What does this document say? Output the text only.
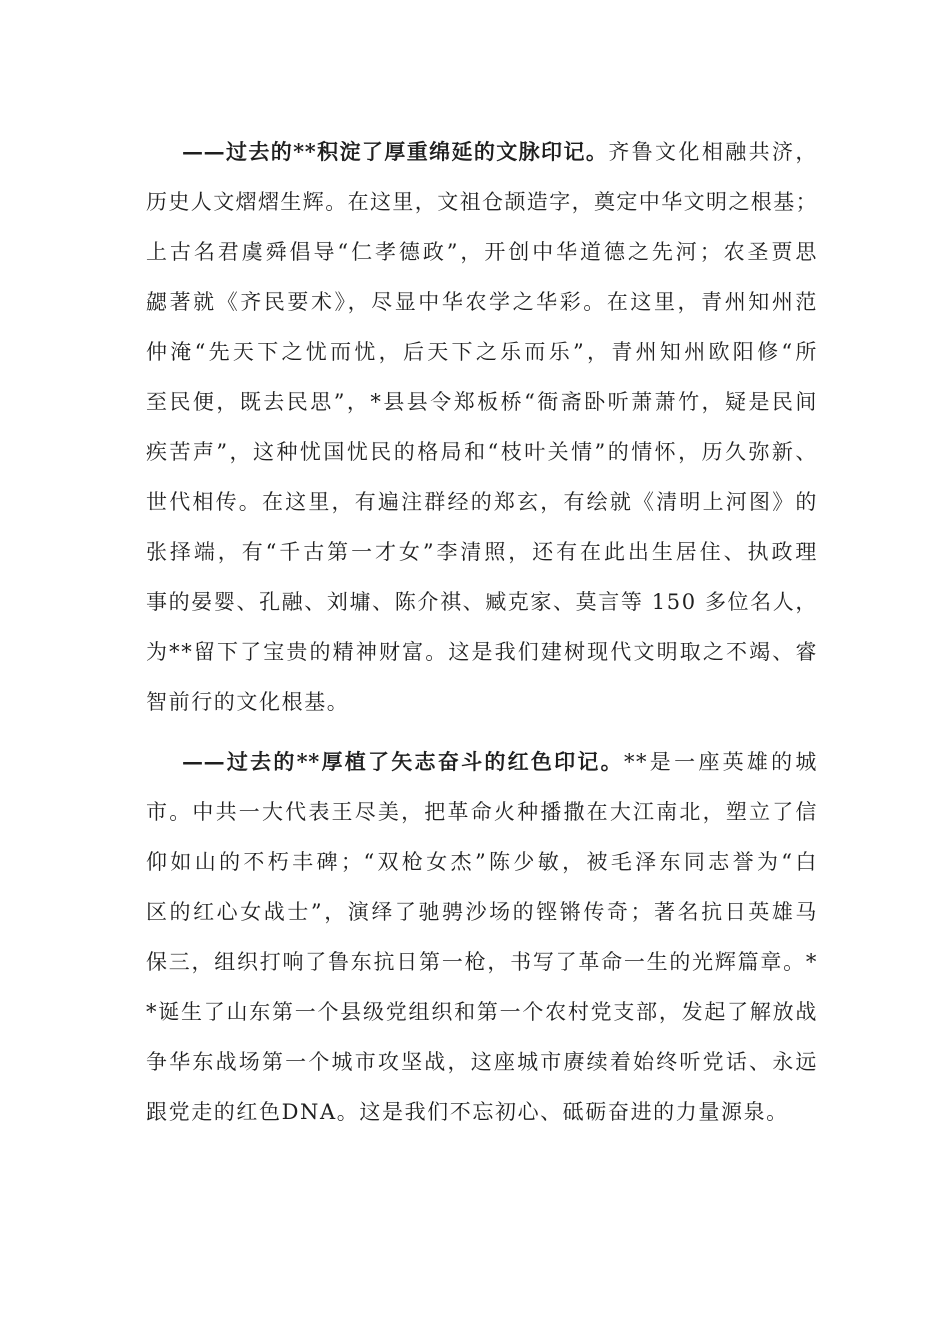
——过去的**积淀了厚重绵延的文脉印记。齐鲁文化相融共济，
历史人文熠熠生辉。在这里，文祖仓颉造字，奠定中华文明之根基；
上古名君虞舜倡导“仁孝德政”，开创中华道德之先河；农圣贾思
勰著就《齐民要术》，尽显中华农学之华彩。在这里，青州知州范
仲淹“先天下之忧而忧，后天下之乐而乐”，青州知州欧阳修“所
至民便，既去民思”，*县县令郑板桥“衙斋卧听萧萧竹，疑是民间
疾苦声”，这种忧国忧民的格局和“枝叶关情”的情怀，历久弥新、
世代相传。在这里，有遍注群经的郑玄，有绘就《清明上河图》的
张择端，有“千古第一才女”李清照，还有在此出生居住、执政理
事的晏婴、孔融、刘墉、陈介祺、臧克家、莫言等 150 多位名人，
为**留下了宝贵的精神财富。这是我们建树现代文明取之不竭、睿
智前行的文化根基。
——过去的**厚植了矢志奋斗的红色印记。**是一座英雄的城
市。中共一大代表王尽美，把革命火种播撒在大江南北，塑立了信
仰如山的不朽丰碑；“双枪女杰”陈少敏，被毛泽东同志誉为“白
区的红心女战士”，演绎了驰骋沙场的铿锵传奇；著名抗日英雄马
保三，组织打响了鲁东抗日第一枪，书写了革命一生的光辉篇章。*
*诞生了山东第一个县级党组织和第一个农村党支部，发起了解放战
争华东战场第一个城市攻坚战，这座城市赓续着始终听党话、永远
跟党走的红色DNA。这是我们不忘初心、砥砺奋进的力量源泉。
